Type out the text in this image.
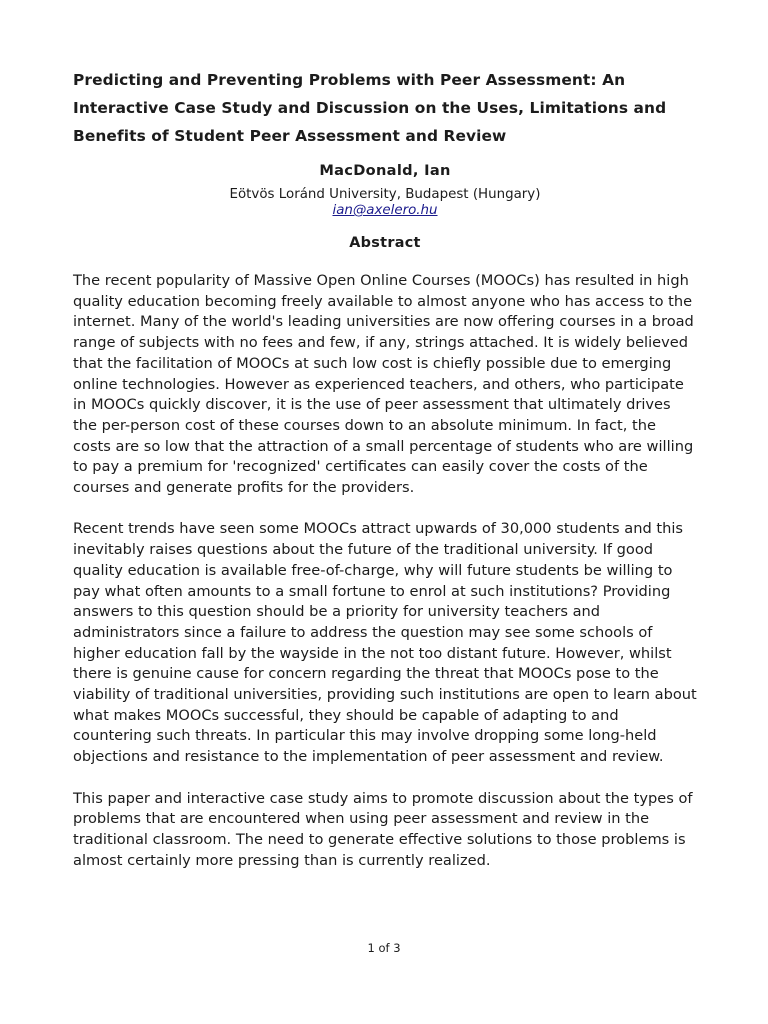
Predicting and Preventing Problems with Peer Assessment: An Interactive Case Study and Discussion on the Uses, Limitations and Benefits of Student Peer Assessment and Review
MacDonald, Ian
Eötvös Loránd University, Budapest (Hungary)
ian@axelero.hu
Abstract

The recent popularity of Massive Open Online Courses (MOOCs) has resulted in high quality education becoming freely available to almost anyone who has access to the internet. Many of the world's leading universities are now offering courses in a broad range of subjects with no fees and few, if any, strings attached. It is widely believed that the facilitation of MOOCs at such low cost is chiefly possible due to emerging online technologies. However as experienced teachers, and others, who participate in MOOCs quickly discover, it is the use of peer assessment that ultimately drives the per-person cost of these courses down to an absolute minimum. In fact, the costs are so low that the attraction of a small percentage of students who are willing to pay a premium for 'recognized' certificates can easily cover the costs of the courses and generate profits for the providers.

Recent trends have seen some MOOCs attract upwards of 30,000 students and this inevitably raises questions about the future of the traditional university. If good quality education is available free-of-charge, why will future students be willing to pay what often amounts to a small fortune to enrol at such institutions? Providing answers to this question should be a priority for university teachers and administrators since a failure to address the question may see some schools of higher education fall by the wayside in the not too distant future. However, whilst there is genuine cause for concern regarding the threat that MOOCs pose to the viability of traditional universities, providing such institutions are open to learn about what makes MOOCs successful, they should be capable of adapting to and countering such threats. In particular this may involve dropping some long-held objections and resistance to the implementation of peer assessment and review.

This paper and interactive case study aims to promote discussion about the types of problems that are encountered when using peer assessment and review in the traditional classroom. The need to generate effective solutions to those problems is almost certainly more pressing than is currently realized.

1 of 3
